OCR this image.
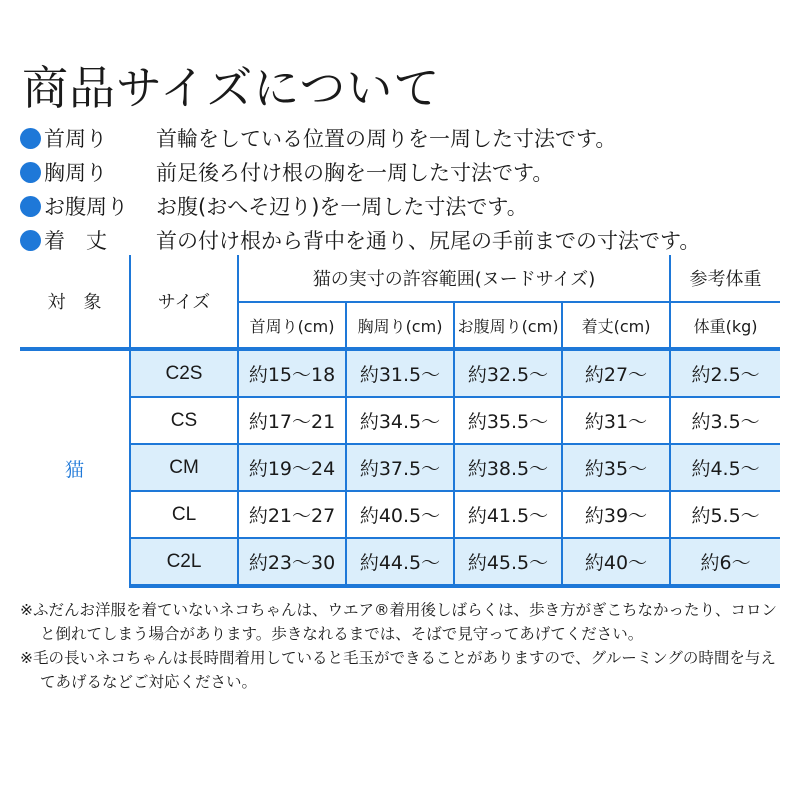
商品サイズについて
首周り	首輪をしている位置の周りを一周した寸法です。
胸周り	前足後ろ付け根の胸を一周した寸法です。
お腹周り	お腹(おへそ辺り)を一周した寸法です。
着　丈	首の付け根から背中を通り、尻尾の手前までの寸法です。
対　象	サイズ	猫の実寸の許容範囲(ヌードサイズ)				参考体重
		首周り(cm)	胸周り(cm)	お腹周り(cm)	着丈(cm)	体重(kg)
猫	C2S	約15～18	約31.5～	約32.5～	約27～	約2.5～
	CS	約17～21	約34.5～	約35.5～	約31～	約3.5～
	CM	約19～24	約37.5～	約38.5～	約35～	約4.5～
	CL	約21～27	約40.5～	約41.5～	約39～	約5.5～
	C2L	約23～30	約44.5～	約45.5～	約40～	約6～
※ふだんお洋服を着ていないネコちゃんは、ウエア®着用後しばらくは、歩き方がぎこちなかったり、コロンと倒れてしまう場合があります。歩きなれるまでは、そばで見守ってあげてください。
※毛の長いネコちゃんは長時間着用していると毛玉ができることがありますので、グルーミングの時間を与えてあげるなどご対応ください。
